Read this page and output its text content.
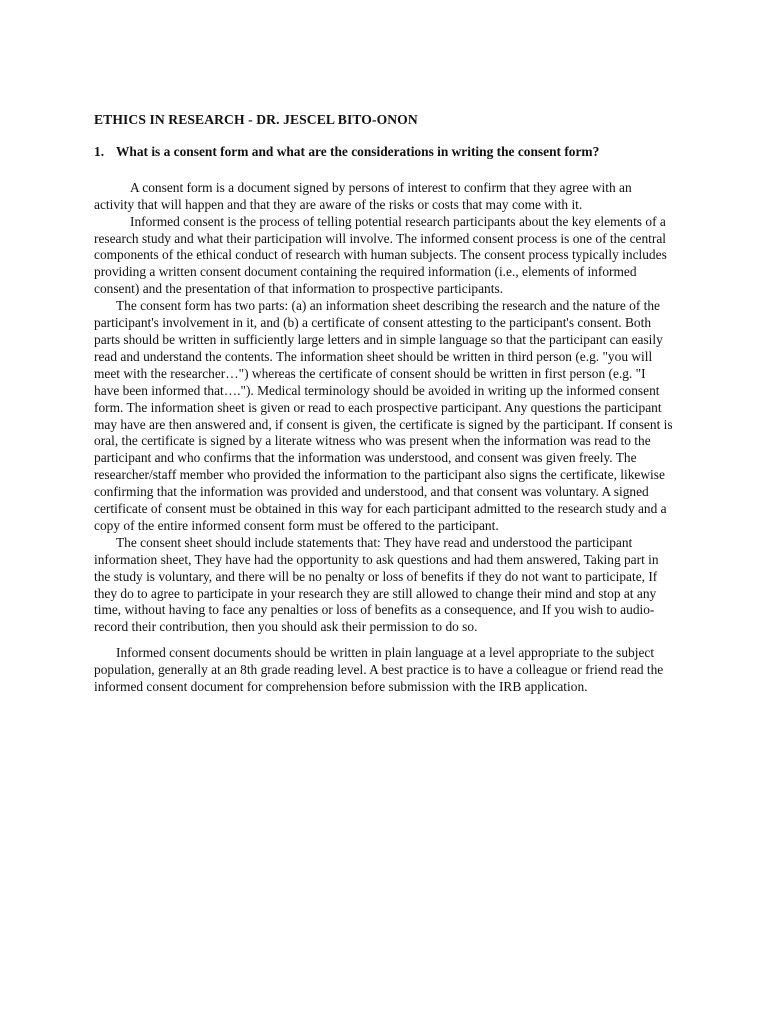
ETHICS IN RESEARCH - DR. JESCEL BITO-ONON
1. What is a consent form and what are the considerations in writing the consent form?

A consent form is a document signed by persons of interest to confirm that they agree with an activity that will happen and that they are aware of the risks or costs that may come with it.

Informed consent is the process of telling potential research participants about the key elements of a research study and what their participation will involve. The informed consent process is one of the central components of the ethical conduct of research with human subjects. The consent process typically includes providing a written consent document containing the required information (i.e., elements of informed consent) and the presentation of that information to prospective participants.

The consent form has two parts: (a) an information sheet describing the research and the nature of the participant's involvement in it, and (b) a certificate of consent attesting to the participant's consent. Both parts should be written in sufficiently large letters and in simple language so that the participant can easily read and understand the contents. The information sheet should be written in third person (e.g. "you will meet with the researcher…") whereas the certificate of consent should be written in first person (e.g. "I have been informed that…."). Medical terminology should be avoided in writing up the informed consent form. The information sheet is given or read to each prospective participant. Any questions the participant may have are then answered and, if consent is given, the certificate is signed by the participant. If consent is oral, the certificate is signed by a literate witness who was present when the information was read to the participant and who confirms that the information was understood, and consent was given freely. The researcher/staff member who provided the information to the participant also signs the certificate, likewise confirming that the information was provided and understood, and that consent was voluntary. A signed certificate of consent must be obtained in this way for each participant admitted to the research study and a copy of the entire informed consent form must be offered to the participant.

The consent sheet should include statements that: They have read and understood the participant information sheet, They have had the opportunity to ask questions and had them answered, Taking part in the study is voluntary, and there will be no penalty or loss of benefits if they do not want to participate, If they do to agree to participate in your research they are still allowed to change their mind and stop at any time, without having to face any penalties or loss of benefits as a consequence, and If you wish to audio-record their contribution, then you should ask their permission to do so.

Informed consent documents should be written in plain language at a level appropriate to the subject population, generally at an 8th grade reading level. A best practice is to have a colleague or friend read the informed consent document for comprehension before submission with the IRB application.
